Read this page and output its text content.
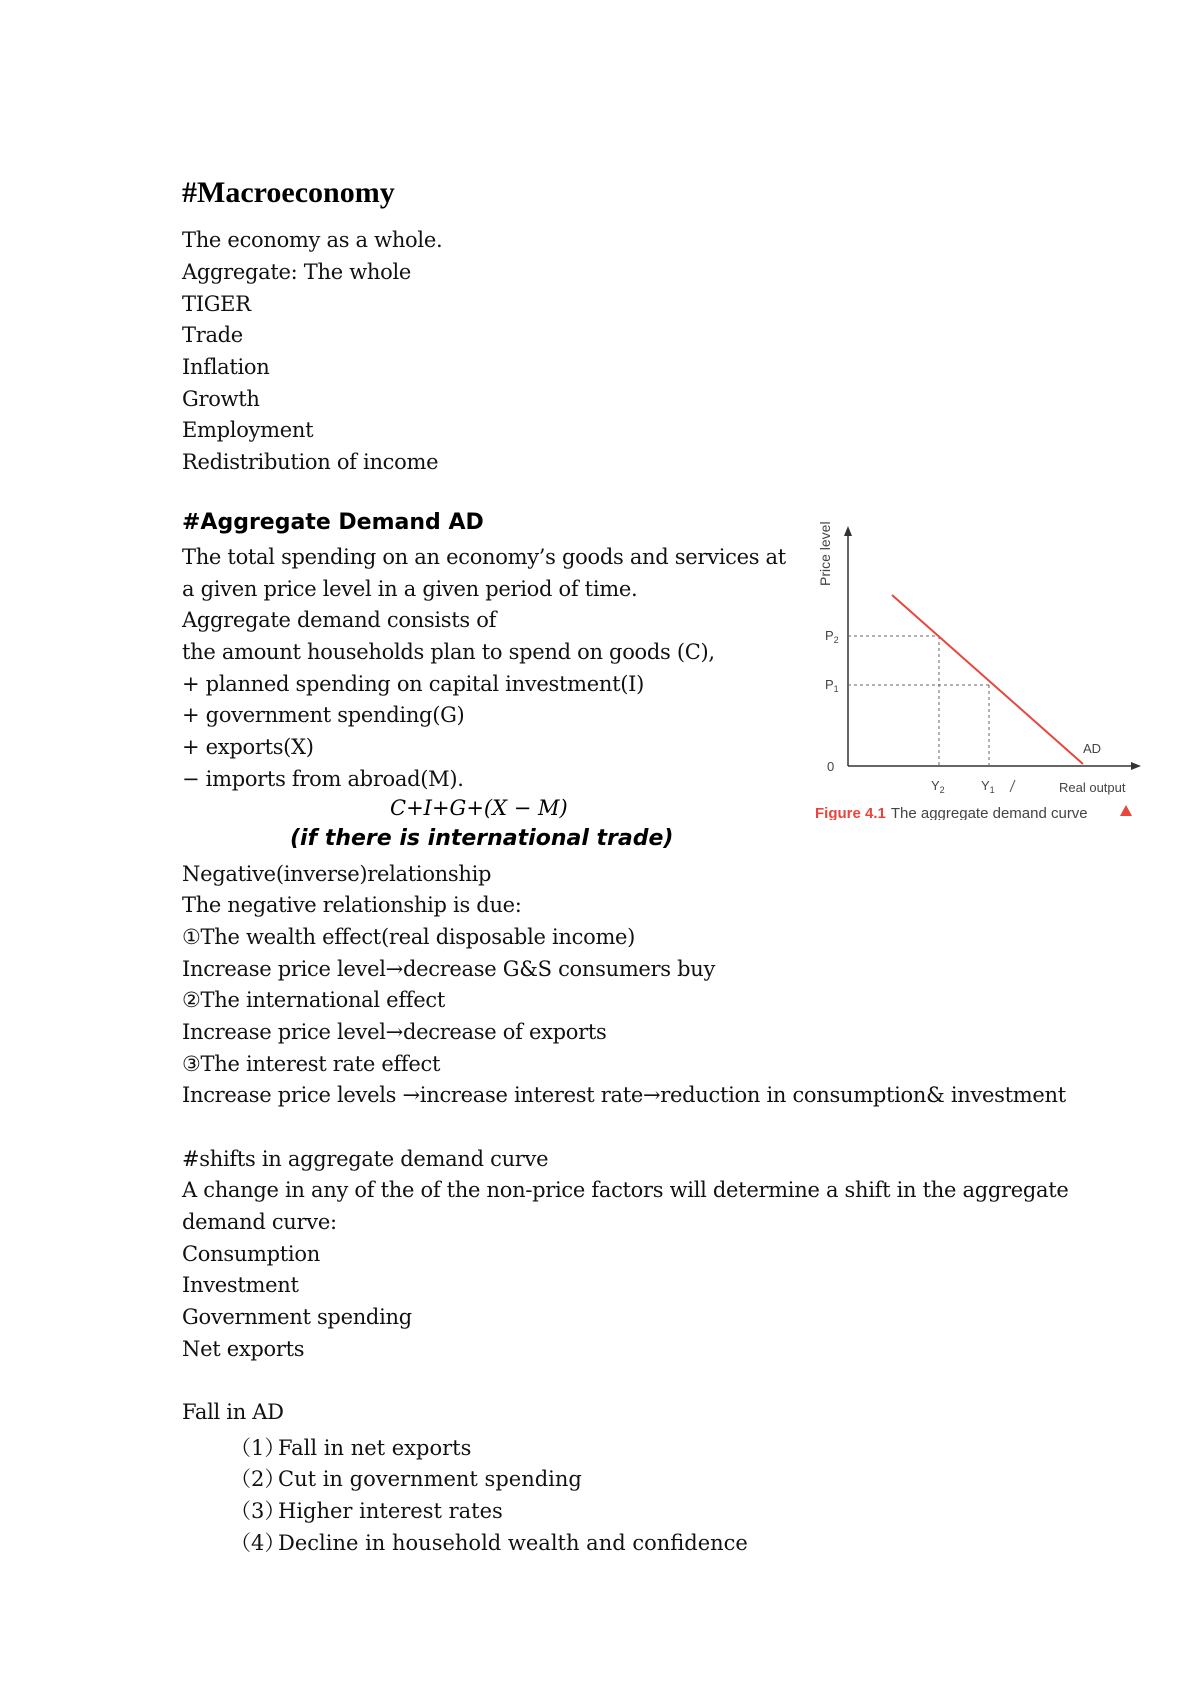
#Macroeconomy
The economy as a whole.
Aggregate: The whole
TIGER
Trade
Inflation
Growth
Employment
Redistribution of income
#Aggregate Demand AD
The total spending on an economy’s goods and services at
a given price level in a given period of time.
Aggregate demand consists of
the amount households plan to spend on goods (C),
+ planned spending on capital investment(I)
+ government spending(G)
+ exports(X)
− imports from abroad(M).
C+I+G+(X − M)
(if there is international trade)
Negative(inverse)relationship
The negative relationship is due:
①The wealth effect(real disposable income)
Increase price level→decrease G&S consumers buy
②The international effect
Increase price level→decrease of exports
③The interest rate effect
Increase price levels →increase interest rate→reduction in consumption& investment
#shifts in aggregate demand curve
A change in any of the of the non-price factors will determine a shift in the aggregate
demand curve:
Consumption
Investment
Government spending
Net exports
Fall in AD
（1）Fall in net exports
（2）Cut in government spending
（3）Higher interest rates
（4）Decline in household wealth and confidence
Price level
$P_2$
$P_1$
0
$Y_2$	$Y_1$	Real output
AD
Figure 4.1 The aggregate demand curve
